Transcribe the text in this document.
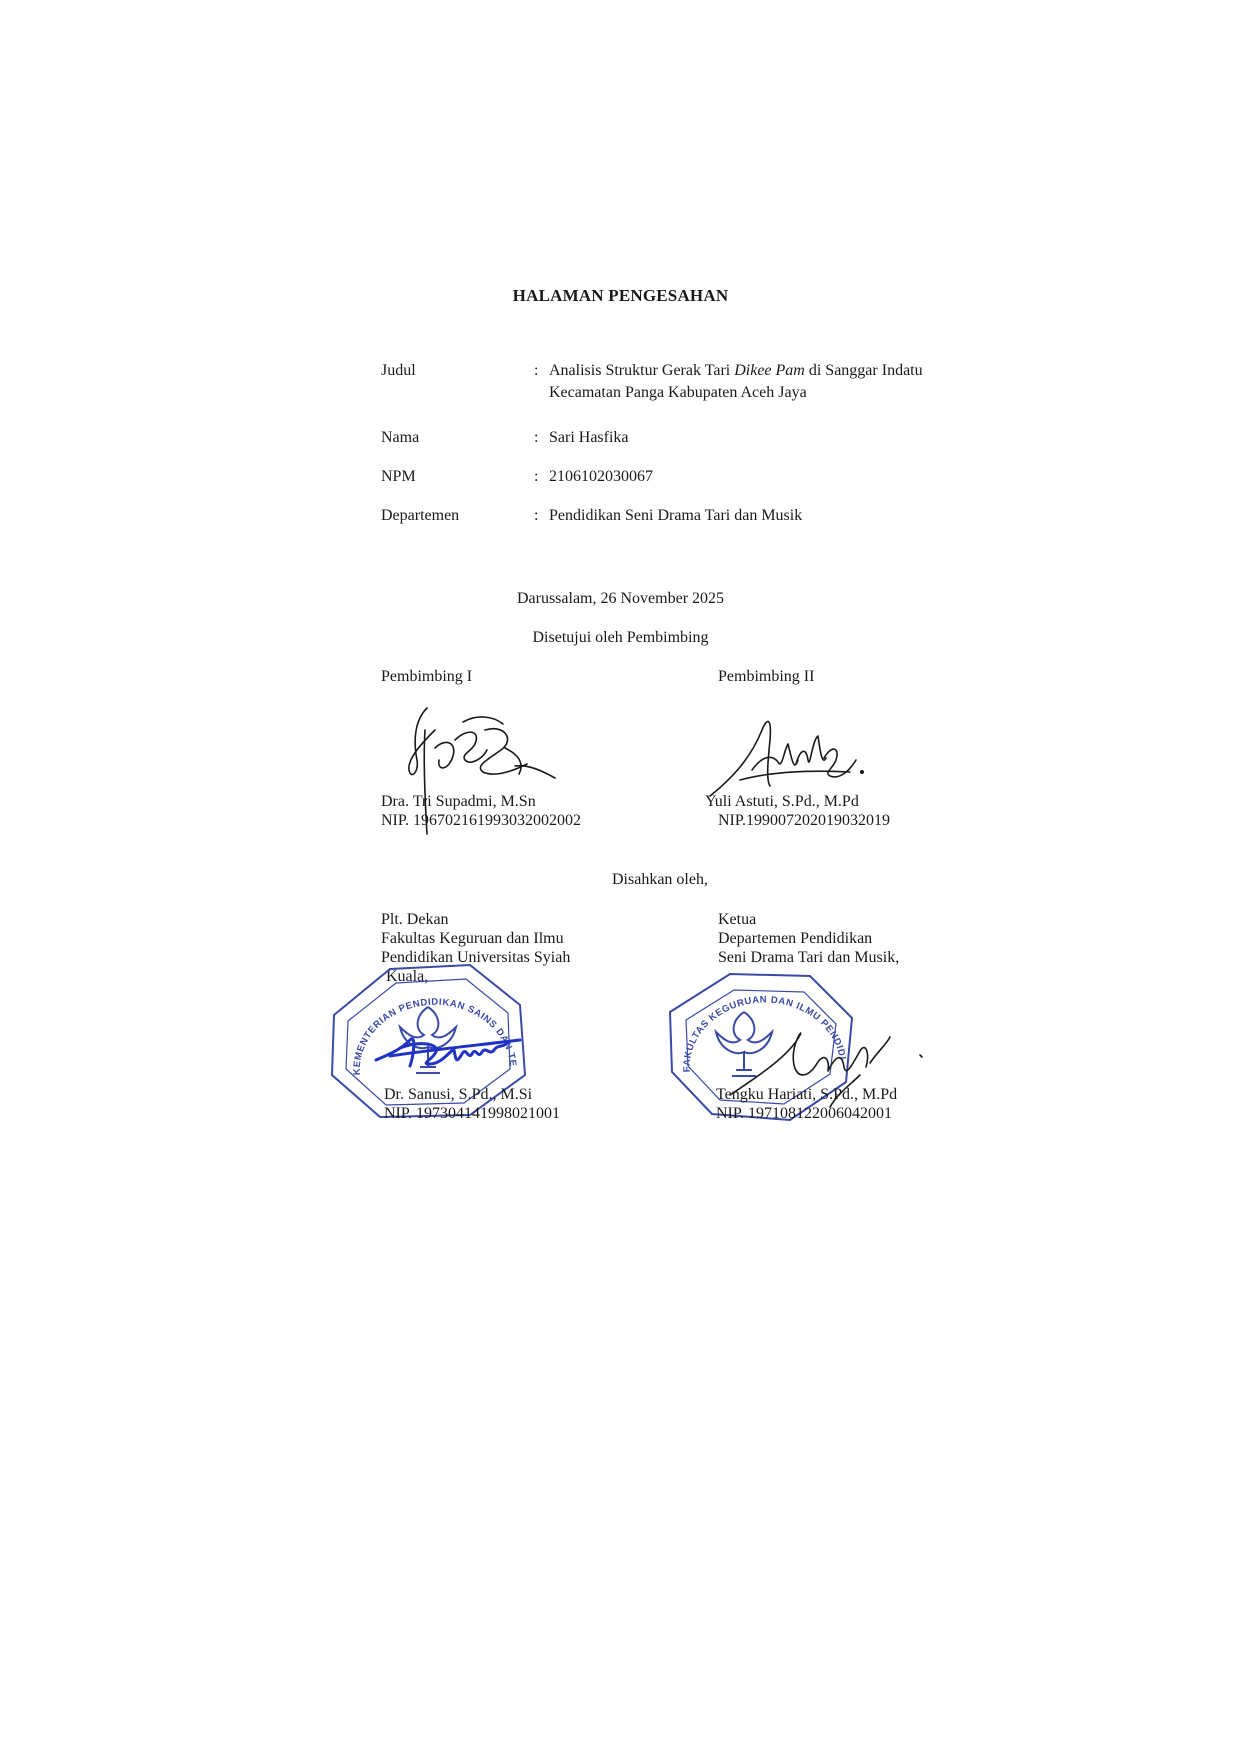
HALAMAN PENGESAHAN
Judul	: Analisis Struktur Gerak Tari Dikee Pam di Sanggar Indatu Kecamatan Panga Kabupaten Aceh Jaya
Nama	: Sari Hasfika
NPM	: 2106102030067
Departemen	: Pendidikan Seni Drama Tari dan Musik
Darussalam, 26 November 2025
Disetujui oleh Pembimbing
Pembimbing I
Dra. Tri Supadmi, M.Sn
NIP. 196702161993032002002
Pembimbing II
Yuli Astuti, S.Pd., M.Pd
NIP.199007202019032019
Disahkan oleh,
Plt. Dekan
Fakultas Keguruan dan Ilmu
Pendidikan Universitas Syiah
Kuala,
KEMENTERIAN PENDIDIKAN SAINS DAN TEKNOLOGI UNIVERSITAS SYIAH KUALA
Dr. Sanusi, S.Pd., M.Si
NIP. 197304141998021001
Ketua
Departemen Pendidikan
Seni Drama Tari dan Musik,
FAKULTAS KEGURUAN DAN ILMU PENDIDIKAN
Tengku Hariati, S.Pd., M.Pd
NIP. 197108122006042001
